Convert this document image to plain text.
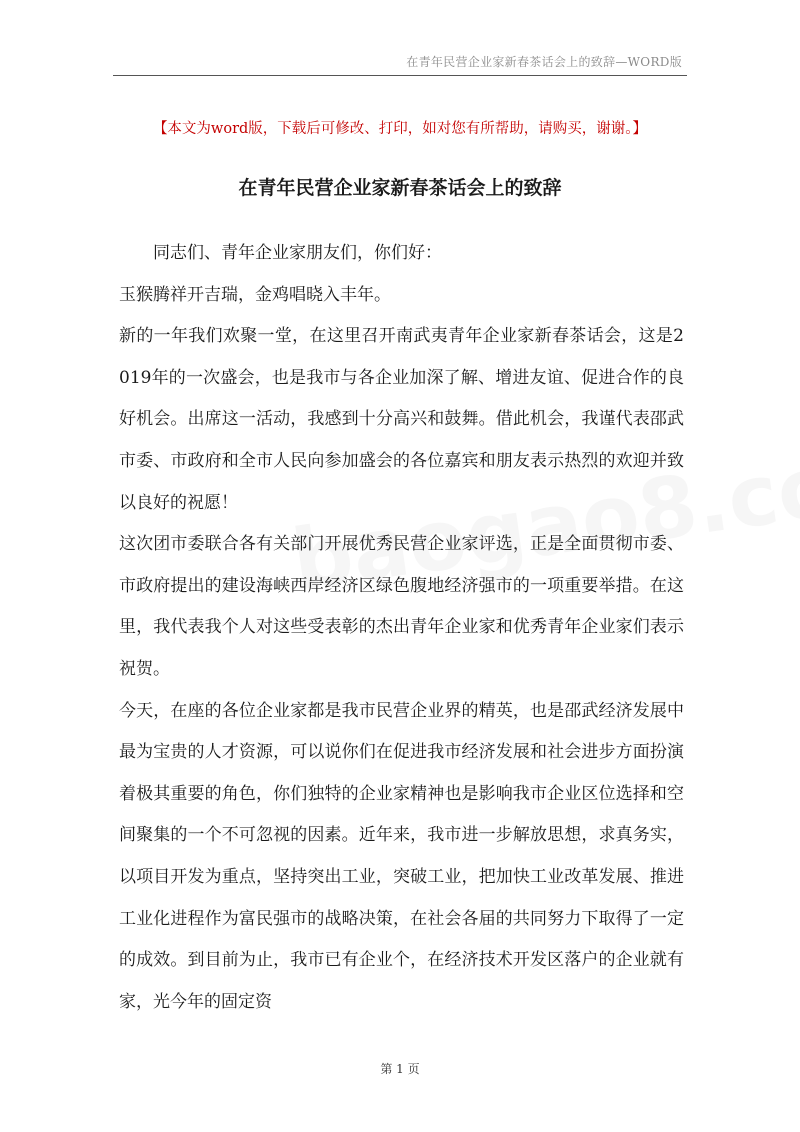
在青年民营企业家新春茶话会上的致辞—WORD版
【本文为word版，下载后可修改、打印，如对您有所帮助，请购买，谢谢。】
在青年民营企业家新春茶话会上的致辞

同志们、青年企业家朋友们，你们好：

玉猴腾祥开吉瑞，金鸡唱晓入丰年。

新的一年我们欢聚一堂，在这里召开南武夷青年企业家新春茶话会，这是2019年的一次盛会，也是我市与各企业加深了解、增进友谊、促进合作的良好机会。出席这一活动，我感到十分高兴和鼓舞。借此机会，我谨代表邵武市委、市政府和全市人民向参加盛会的各位嘉宾和朋友表示热烈的欢迎并致以良好的祝愿！

这次团市委联合各有关部门开展优秀民营企业家评选，正是全面贯彻市委、市政府提出的建设海峡西岸经济区绿色腹地经济强市的一项重要举措。在这里，我代表我个人对这些受表彰的杰出青年企业家和优秀青年企业家们表示祝贺。

今天，在座的各位企业家都是我市民营企业界的精英，也是邵武经济发展中最为宝贵的人才资源，可以说你们在促进我市经济发展和社会进步方面扮演着极其重要的角色，你们独特的企业家精神也是影响我市企业区位选择和空间聚集的一个不可忽视的因素。近年来，我市进一步解放思想，求真务实，以项目开发为重点，坚持突出工业，突破工业，把加快工业改革发展、推进工业化进程作为富民强市的战略决策，在社会各届的共同努力下取得了一定的成效。到目前为止，我市已有企业个，在经济技术开发区落户的企业就有家，光今年的固定资

第 1 页
